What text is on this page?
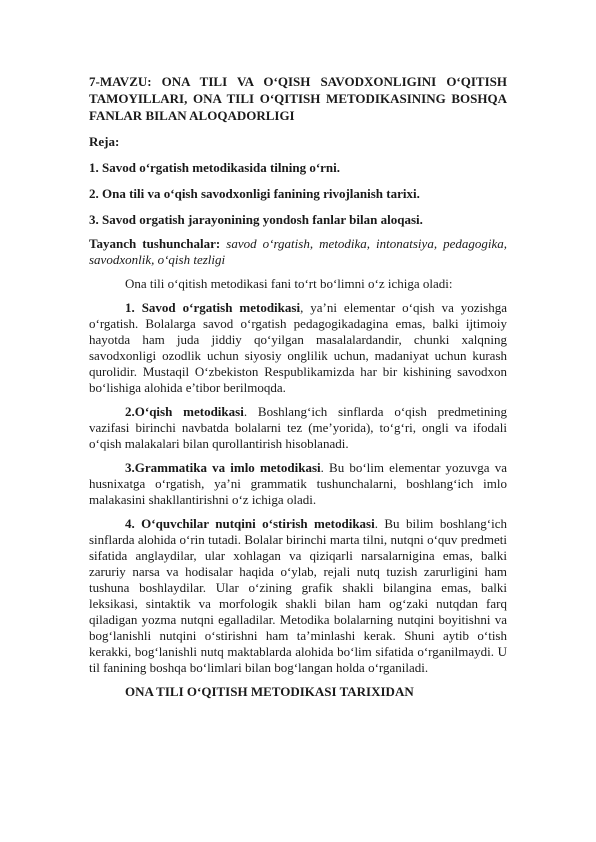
7-MAVZU: ONA TILI VA O‘QISH SAVODXONLIGINI O‘QITISH TAMOYILLARI, ONA TILI O‘QITISH METODIKASINING BOSHQA FANLAR BILAN ALOQADORLIGI

Reja:

1. Savod o‘rgatish metodikasida tilning o‘rni.

2. Ona tili va o‘qish savodxonligi fanining rivojlanish tarixi.

3. Savod orgatish jarayonining yondosh fanlar bilan aloqasi.

Tayanch tushunchalar: savod o‘rgatish, metodika, intonatsiya, pedagogika, savodxonlik, o‘qish tezligi

Ona tili o‘qitish metodikasi fani to‘rt bo‘limni o‘z ichiga oladi:

1. Savod o‘rgatish metodikasi, ya’ni elementar o‘qish va yozishga o‘rgatish. Bolalarga savod o‘rgatish pedagogikadagina emas, balki ijtimoiy hayotda ham juda jiddiy qo‘yilgan masalalardandir, chunki xalqning savodxonligi ozodlik uchun siyosiy onglilik uchun, madaniyat uchun kurash qurolidir. Mustaqil O‘zbekiston Respublikamizda har bir kishining savodxon bo‘lishiga alohida e’tibor berilmoqda.

2.O‘qish metodikasi. Boshlang‘ich sinflarda o‘qish predmetining vazifasi birinchi navbatda bolalarni tez (me’yorida), to‘g‘ri, ongli va ifodali o‘qish malakalari bilan qurollantirish hisoblanadi.

3.Grammatika va imlo metodikasi. Bu bo‘lim elementar yozuvga va husnixatga o‘rgatish, ya’ni grammatik tushunchalarni, boshlang‘ich imlo malakasini shakllantirishni o‘z ichiga oladi.

4. O‘quvchilar nutqini o‘stirish metodikasi. Bu bilim boshlang‘ich sinflarda alohida o‘rin tutadi. Bolalar birinchi marta tilni, nutqni o‘quv predmeti sifatida anglaydilar, ular xohlagan va qiziqarli narsalarnigina emas, balki zaruriy narsa va hodisalar haqida o‘ylab, rejali nutq tuzish zarurligini ham tushuna boshlaydilar. Ular o‘zining grafik shakli bilangina emas, balki leksikasi, sintaktik va morfologik shakli bilan ham og‘zaki nutqdan farq qiladigan yozma nutqni egalladilar. Metodika bolalarning nutqini boyitishni va bog‘lanishli nutqini o‘stirishni ham ta’minlashi kerak. Shuni aytib o‘tish kerakki, bog‘lanishli nutq maktablarda alohida bo‘lim sifatida o‘rganilmaydi. U til fanining boshqa bo‘limlari bilan bog‘langan holda o‘rganiladi.

ONA TILI O‘QITISH METODIKASI TARIXIDAN
